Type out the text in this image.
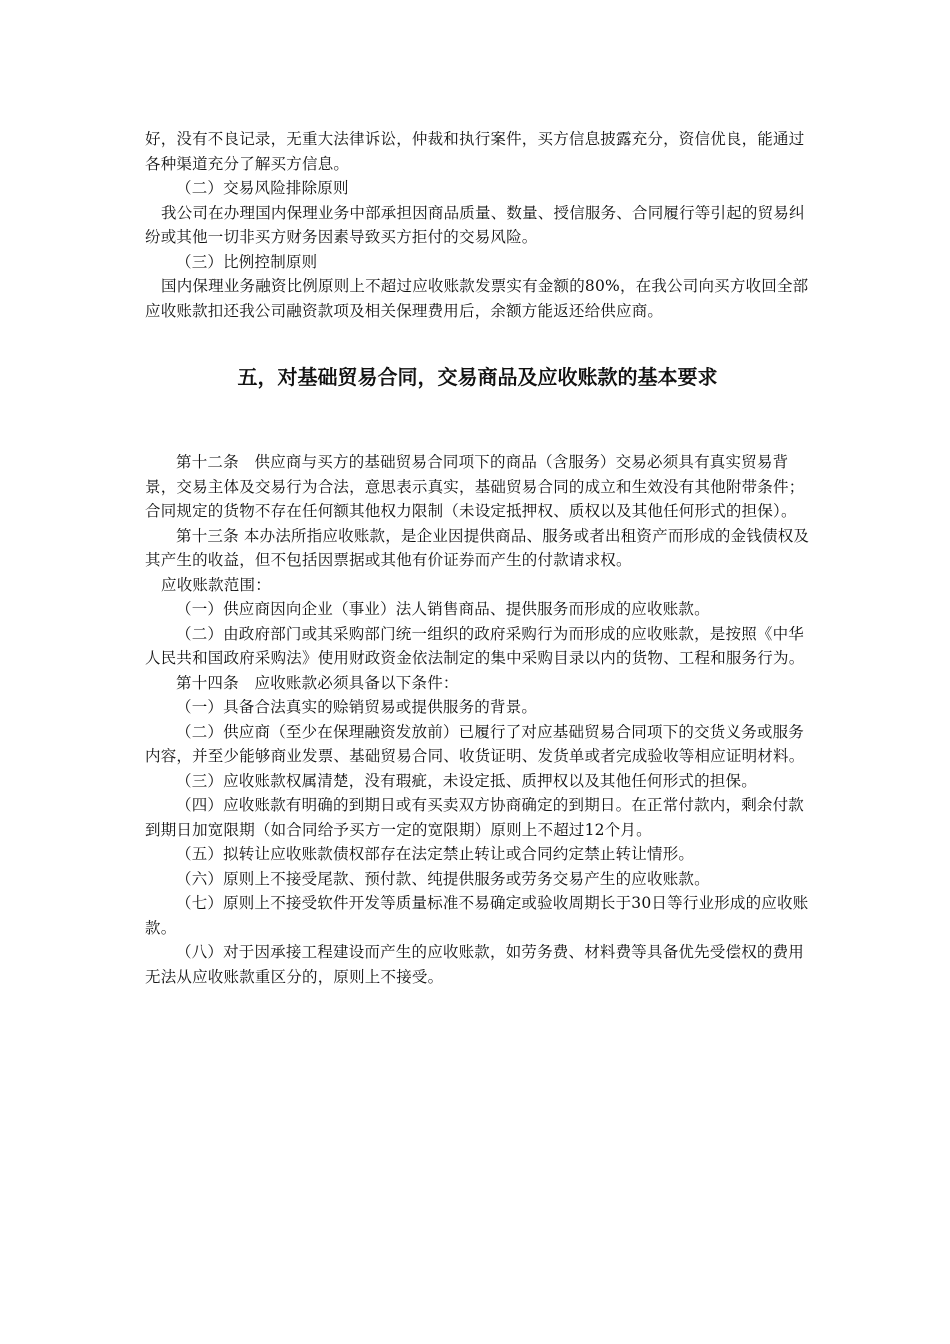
好，没有不良记录，无重大法律诉讼，仲裁和执行案件，买方信息披露充分，资信优良，能通过各种渠道充分了解买方信息。

（二）交易风险排除原则

我公司在办理国内保理业务中部承担因商品质量、数量、授信服务、合同履行等引起的贸易纠纷或其他一切非买方财务因素导致买方拒付的交易风险。

（三）比例控制原则

国内保理业务融资比例原则上不超过应收账款发票实有金额的80%，在我公司向买方收回全部应收账款扣还我公司融资款项及相关保理费用后，余额方能返还给供应商。

五，对基础贸易合同，交易商品及应收账款的基本要求

第十二条　供应商与买方的基础贸易合同项下的商品（含服务）交易必须具有真实贸易背景，交易主体及交易行为合法，意思表示真实，基础贸易合同的成立和生效没有其他附带条件；合同规定的货物不存在任何额其他权力限制（未设定抵押权、质权以及其他任何形式的担保）。

第十三条 本办法所指应收账款，是企业因提供商品、服务或者出租资产而形成的金钱债权及其产生的收益，但不包括因票据或其他有价证券而产生的付款请求权。

应收账款范围：

（一）供应商因向企业（事业）法人销售商品、提供服务而形成的应收账款。

（二）由政府部门或其采购部门统一组织的政府采购行为而形成的应收账款，是按照《中华人民共和国政府采购法》使用财政资金依法制定的集中采购目录以内的货物、工程和服务行为。

第十四条　应收账款必须具备以下条件：

（一）具备合法真实的赊销贸易或提供服务的背景。

（二）供应商（至少在保理融资发放前）已履行了对应基础贸易合同项下的交货义务或服务内容，并至少能够商业发票、基础贸易合同、收货证明、发货单或者完成验收等相应证明材料。

（三）应收账款权属清楚，没有瑕疵，未设定抵、质押权以及其他任何形式的担保。

（四）应收账款有明确的到期日或有买卖双方协商确定的到期日。在正常付款内，剩余付款到期日加宽限期（如合同给予买方一定的宽限期）原则上不超过12个月。

（五）拟转让应收账款债权部存在法定禁止转让或合同约定禁止转让情形。

（六）原则上不接受尾款、预付款、纯提供服务或劳务交易产生的应收账款。

（七）原则上不接受软件开发等质量标准不易确定或验收周期长于30日等行业形成的应收账款。

（八）对于因承接工程建设而产生的应收账款，如劳务费、材料费等具备优先受偿权的费用无法从应收账款重区分的，原则上不接受。
